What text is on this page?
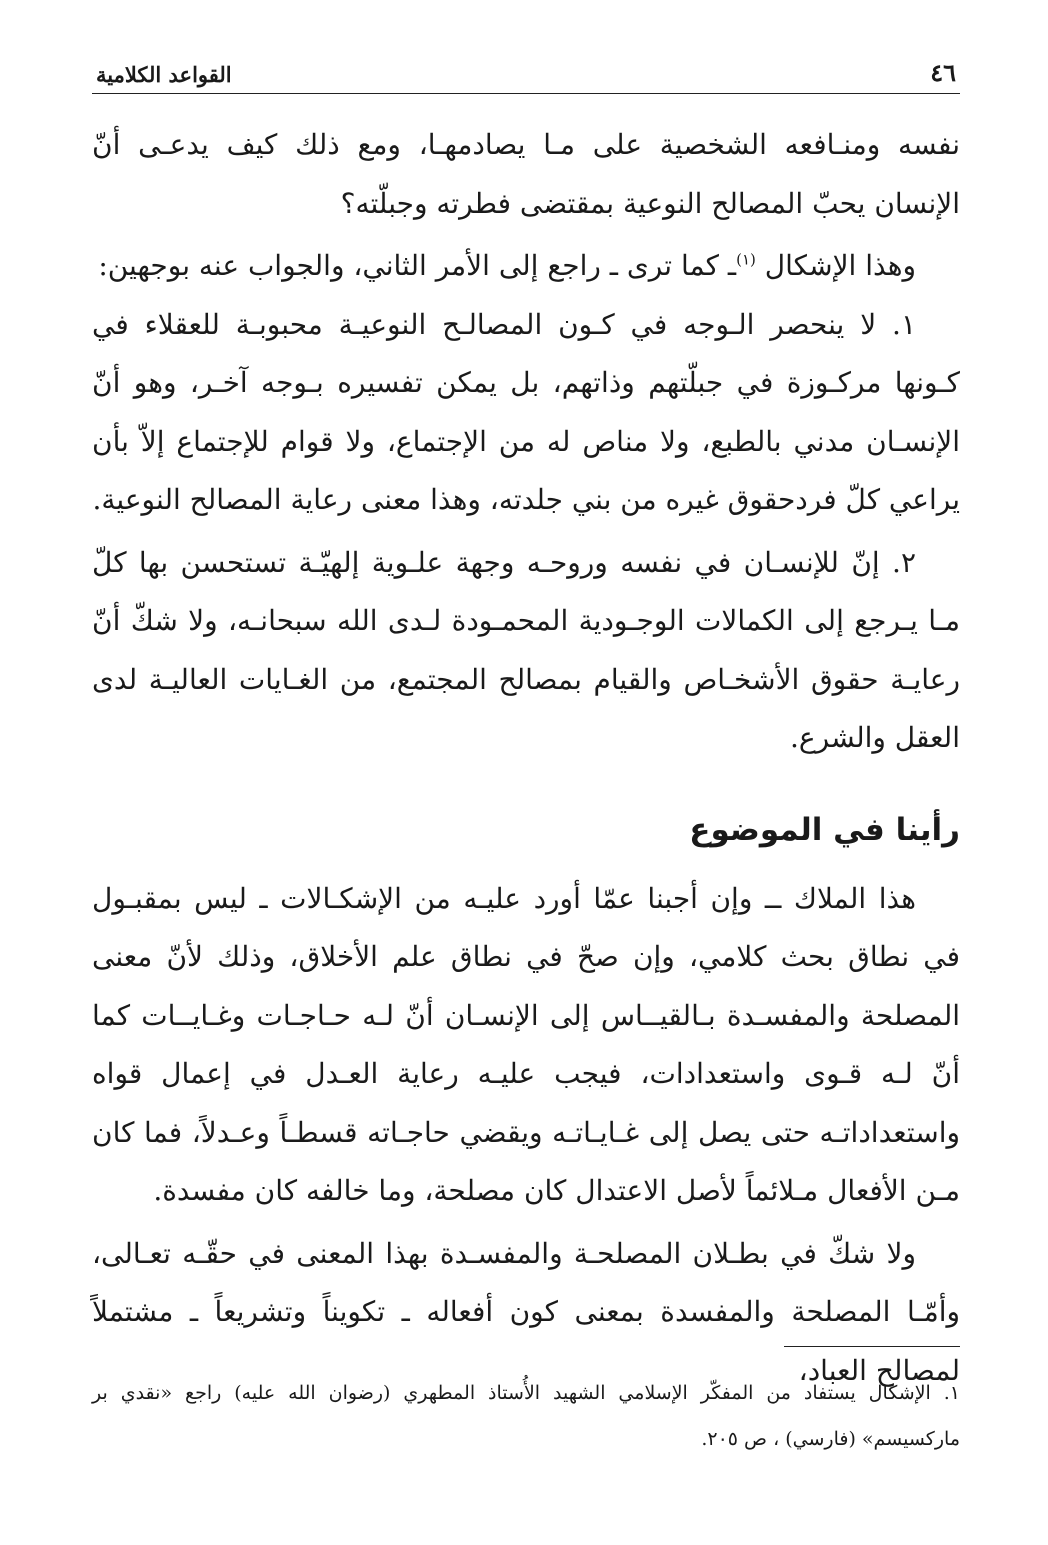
٤٦
القواعد الكلامية

نفسه ومنـافعه الشخصية على مـا يصادمهـا، ومع ذلك كيف يدعـى أنّ الإنسان يحبّ المصالح النوعية بمقتضى فطرته وجبلّته؟

وهذا الإشكال $^{(١)}$ـ كما ترى ـ راجع إلى الأمر الثاني، والجواب عنه بوجهين:

١. لا ينحصر الـوجه في كـون المصالـح النوعيـة محبوبـة للعقلاء في كـونها مركـوزة في جبلّتهم وذاتهم، بل يمكن تفسيره بـوجه آخـر، وهو أنّ الإنسـان مدني بالطبع، ولا مناص له من الإجتماع، ولا قوام للإجتماع إلاّ بأن يراعي كلّ فردحقوق غيره من بني جلدته، وهذا معنى رعاية المصالح النوعية.

٢. إنّ للإنسـان في نفسه وروحـه وجهة علـوية إلهيّـة تستحسن بها كلّ مـا يـرجع إلى الكمالات الوجـودية المحمـودة لـدى الله سبحانـه، ولا شكّ أنّ رعايـة حقوق الأشخـاص والقيام بمصالح المجتمع، من الغـايات العاليـة لدى العقل والشرع.

رأينا في الموضوع

هذا الملاك ــ وإن أجبنا عمّا أورد عليـه من الإشكـالات ـ ليس بمقبـول في نطاق بحث كلامي، وإن صحّ في نطاق علم الأخلاق، وذلك لأنّ معنى المصلحة والمفسـدة بـالقيــاس إلى الإنسـان أنّ لـه حـاجـات وغـايــات كما أنّ لـه قـوى واستعدادات، فيجب عليـه رعاية العـدل في إعمال قواه واستعداداتـه حتى يصل إلى غـايـاتـه ويقضي حاجـاته قسطـاً وعـدلاً، فما كان مـن الأفعال مـلائماً لأصل الاعتدال كان مصلحة، وما خالفه كان مفسدة.

ولا شكّ في بطـلان المصلحـة والمفسـدة بهذا المعنى في حقّـه تعـالى، وأمّـا المصلحة والمفسدة بمعنى كون أفعاله ـ تكويناً وتشريعاً ـ مشتملاً لمصالح العباد،

١. الإشكال يستفاد من المفكّر الإسلامي الشهيد الأُستاذ المطهري (رضوان الله عليه) راجع «نقدي بر ماركسيسم» (فارسي) ، ص ٢٠٥.
